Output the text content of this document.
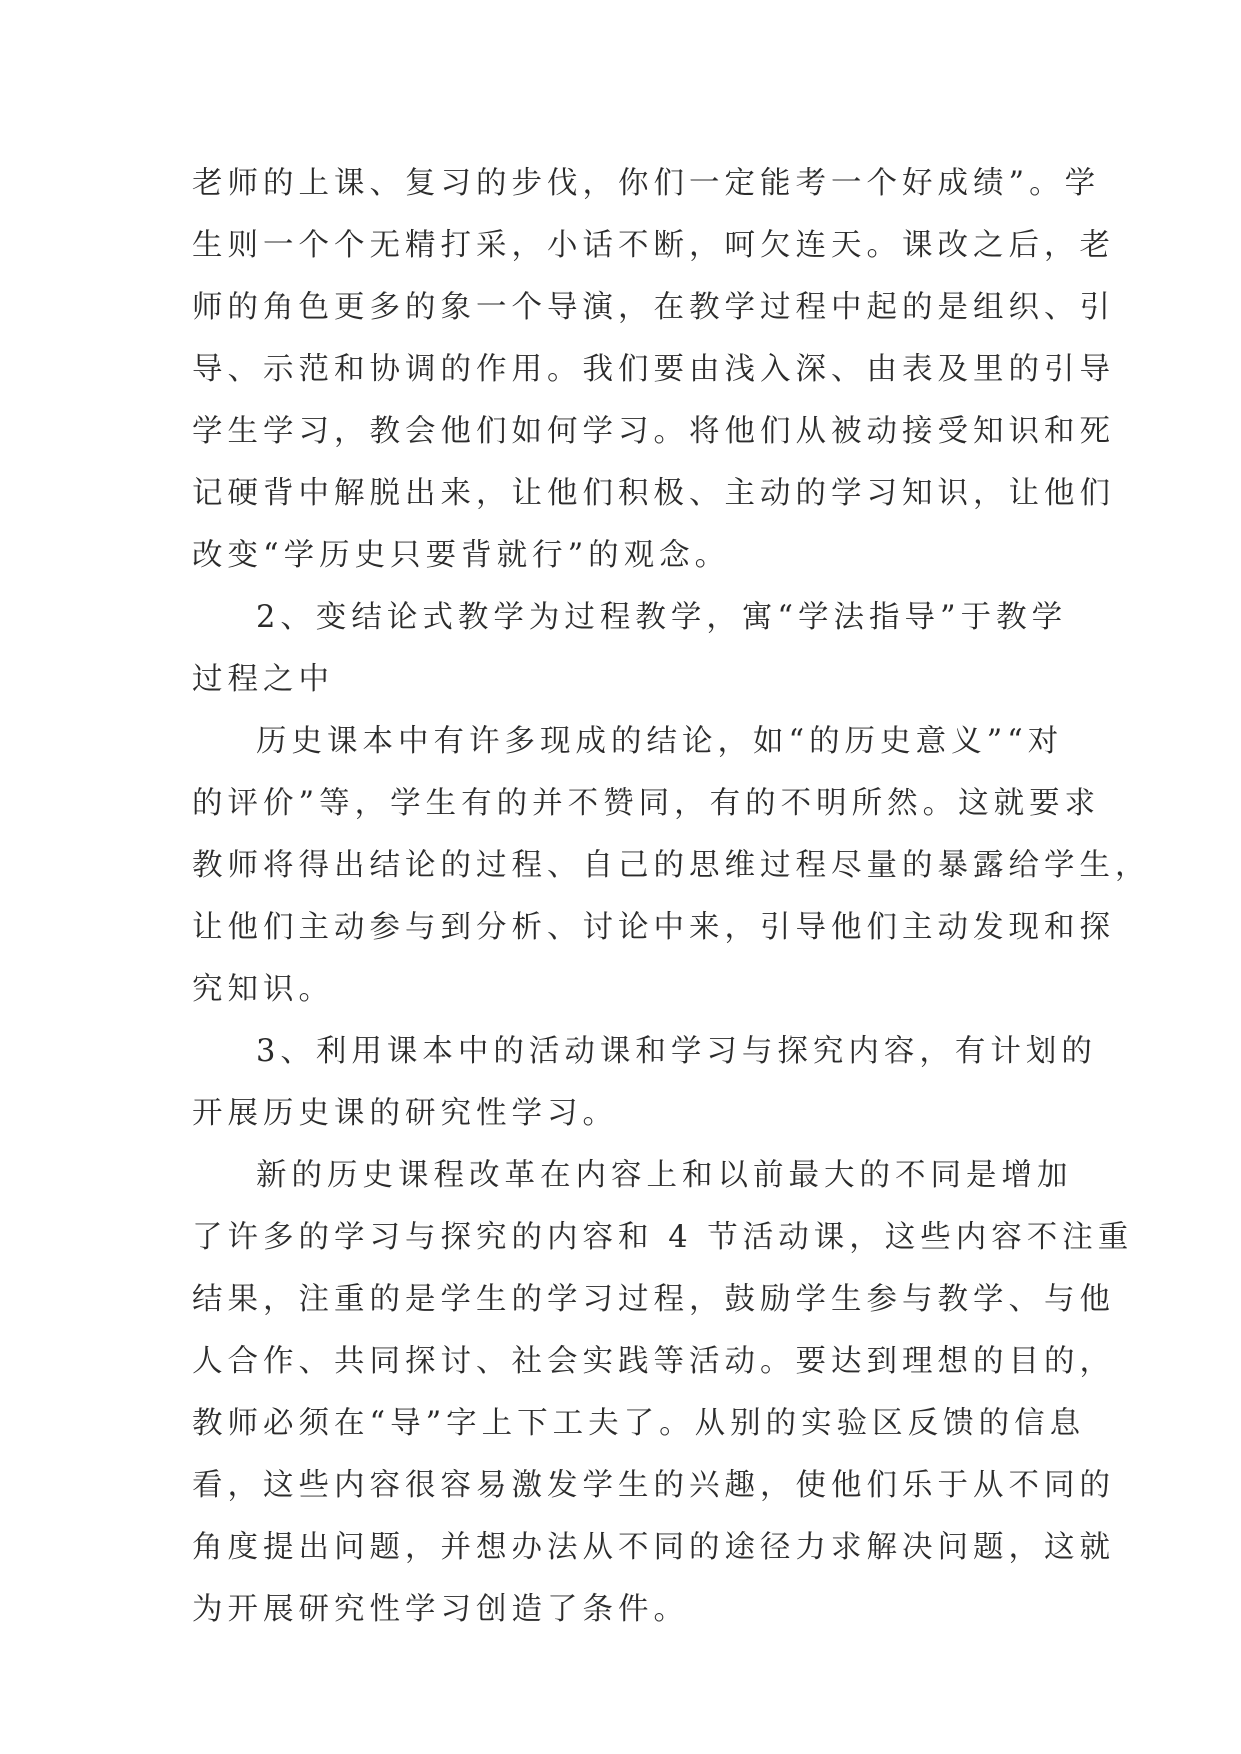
老师的上课、复习的步伐，你们一定能考一个好成绩”。学

生则一个个无精打采，小话不断，呵欠连天。课改之后，老

师的角色更多的象一个导演，在教学过程中起的是组织、引

导、示范和协调的作用。我们要由浅入深、由表及里的引导

学生学习，教会他们如何学习。将他们从被动接受知识和死

记硬背中解脱出来，让他们积极、主动的学习知识，让他们

改变“学历史只要背就行”的观念。

2、变结论式教学为过程教学，寓“学法指导”于教学

过程之中

历史课本中有许多现成的结论，如“的历史意义”“对

的评价”等，学生有的并不赞同，有的不明所然。这就要求

教师将得出结论的过程、自己的思维过程尽量的暴露给学生，

让他们主动参与到分析、讨论中来，引导他们主动发现和探

究知识。

3、利用课本中的活动课和学习与探究内容，有计划的

开展历史课的研究性学习。

新的历史课程改革在内容上和以前最大的不同是增加

了许多的学习与探究的内容和 4 节活动课，这些内容不注重

结果，注重的是学生的学习过程，鼓励学生参与教学、与他

人合作、共同探讨、社会实践等活动。要达到理想的目的，

教师必须在“导”字上下工夫了。从别的实验区反馈的信息

看，这些内容很容易激发学生的兴趣，使他们乐于从不同的

角度提出问题，并想办法从不同的途径力求解决问题，这就

为开展研究性学习创造了条件。
